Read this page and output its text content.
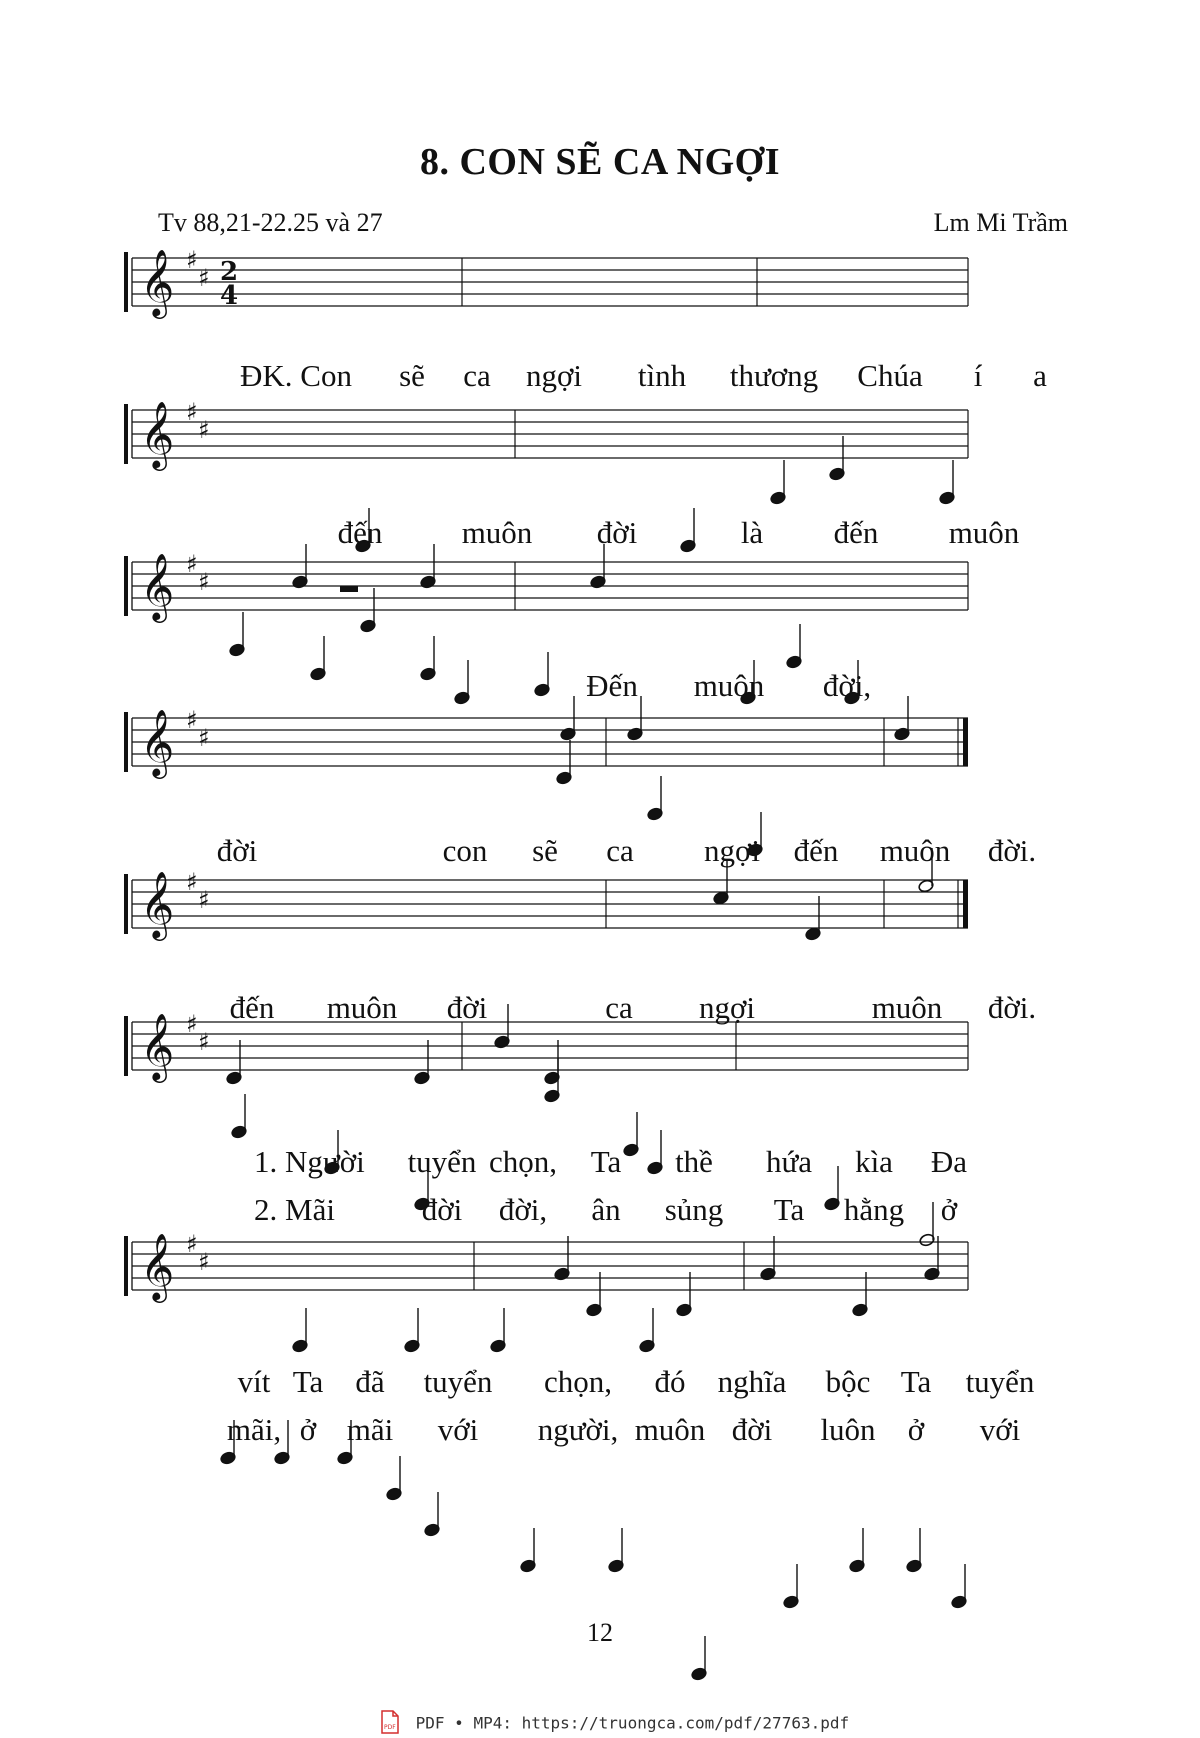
8. CON SẼ CA NGỢI
Tv 88,21-22.25 và 27	Lm Mi Trầm
𝄞 ♯
♯ 2
4
ĐK. Con sẽ ca ngợi tình thương Chúa í a
𝄞 ♯
♯
𝄞 ♯
♯
đến	muôn đời	là đến muôn
Đến muôn đời,
𝄞 ♯
♯
𝄞 ♯
♯
đời	con sẽ ca ngợi đến muôn đời.
đến muôn đời	ca ngợi	muôn đời.
𝄞 ♯
♯
1. Người tuyển chọn, Ta thề hứa kìa Đa
2. Mãi	đời đời, ân sủng Ta hằng ở
𝄞 ♯
♯
vít Ta đã tuyển chọn, đó nghĩa bộc Ta tuyển
mãi, ở mãi với người, muôn đời luôn ở với
12
PDF PDF • MP4: https://truongca.com/pdf/27763.pdf
